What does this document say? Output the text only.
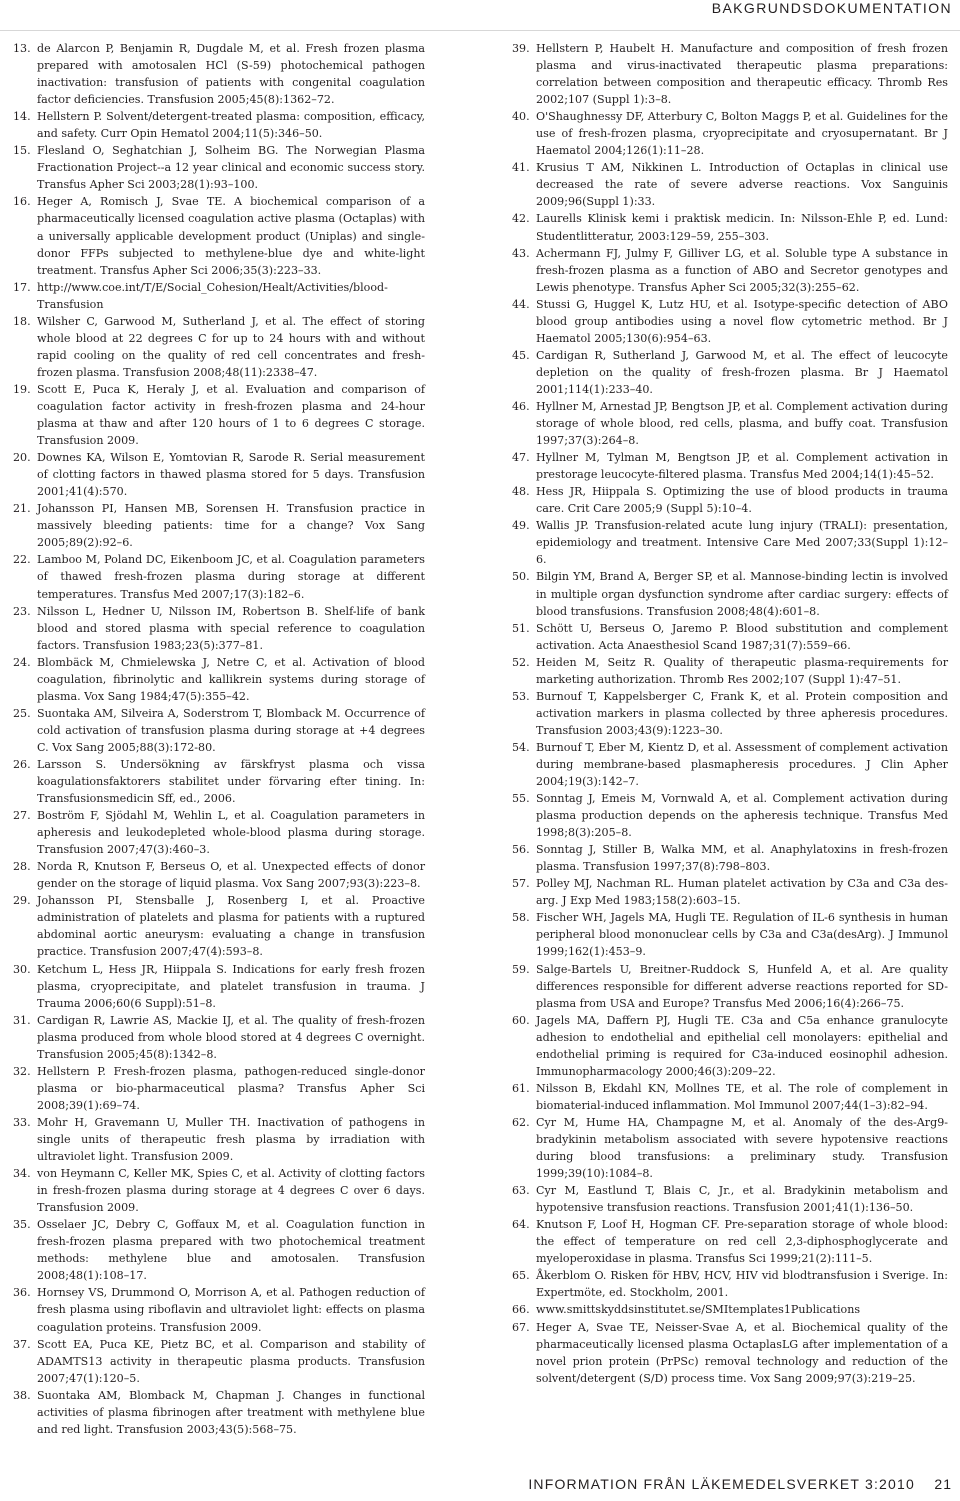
BAKGRUNDSDOKUMENTATION

13. de Alarcon P, Benjamin R, Dugdale M, et al. Fresh frozen plasma prepared with amotosalen HCl (S-59) photochemical pathogen inactivation: transfusion of patients with congenital coagulation factor deficiencies. Transfusion 2005;45(8):1362–72.

14. Hellstern P. Solvent/detergent-treated plasma: composition, efficacy, and safety. Curr Opin Hematol 2004;11(5):346–50.

15. Flesland O, Seghatchian J, Solheim BG. The Norwegian Plasma Fractionation Project--a 12 year clinical and economic success story. Transfus Apher Sci 2003;28(1):93–100.

16. Heger A, Romisch J, Svae TE. A biochemical comparison of a pharmaceutically licensed coagulation active plasma (Octaplas) with a universally applicable development product (Uniplas) and single-donor FFPs subjected to methylene-blue dye and white-light treatment. Transfus Apher Sci 2006;35(3):223–33.

17. http://www.coe.int/T/E/Social_Cohesion/Healt/Activities/blood-Transfusion

18. Wilsher C, Garwood M, Sutherland J, et al. The effect of storing whole blood at 22 degrees C for up to 24 hours with and without rapid cooling on the quality of red cell concentrates and fresh-frozen plasma. Transfusion 2008;48(11):2338–47.

19. Scott E, Puca K, Heraly J, et al. Evaluation and comparison of coagulation factor activity in fresh-frozen plasma and 24-hour plasma at thaw and after 120 hours of 1 to 6 degrees C storage. Transfusion 2009.

20. Downes KA, Wilson E, Yomtovian R, Sarode R. Serial measurement of clotting factors in thawed plasma stored for 5 days. Transfusion 2001;41(4):570.

21. Johansson PI, Hansen MB, Sorensen H. Transfusion practice in massively bleeding patients: time for a change? Vox Sang 2005;89(2):92–6.

22. Lamboo M, Poland DC, Eikenboom JC, et al. Coagulation parameters of thawed fresh-frozen plasma during storage at different temperatures. Transfus Med 2007;17(3):182–6.

23. Nilsson L, Hedner U, Nilsson IM, Robertson B. Shelf-life of bank blood and stored plasma with special reference to coagulation factors. Transfusion 1983;23(5):377–81.

24. Blombäck M, Chmielewska J, Netre C, et al. Activation of blood coagulation, fibrinolytic and kallikrein systems during storage of plasma. Vox Sang 1984;47(5):355–42.

25. Suontaka AM, Silveira A, Soderstrom T, Blomback M. Occurrence of cold activation of transfusion plasma during storage at +4 degrees C. Vox Sang 2005;88(3):172-80.

26. Larsson S. Undersökning av färskfryst plasma och vissa koagulationsfaktorers stabilitet under förvaring efter tining. In: Transfusionsmedicin Sff, ed., 2006.

27. Boström F, Sjödahl M, Wehlin L, et al. Coagulation parameters in apheresis and leukodepleted whole-blood plasma during storage. Transfusion 2007;47(3):460–3.

28. Norda R, Knutson F, Berseus O, et al. Unexpected effects of donor gender on the storage of liquid plasma. Vox Sang 2007;93(3):223–8.

29. Johansson PI, Stensballe J, Rosenberg I, et al. Proactive administration of platelets and plasma for patients with a ruptured abdominal aortic aneurysm: evaluating a change in transfusion practice. Transfusion 2007;47(4):593–8.

30. Ketchum L, Hess JR, Hiippala S. Indications for early fresh frozen plasma, cryoprecipitate, and platelet transfusion in trauma. J Trauma 2006;60(6 Suppl):51–8.

31. Cardigan R, Lawrie AS, Mackie IJ, et al. The quality of fresh-frozen plasma produced from whole blood stored at 4 degrees C overnight. Transfusion 2005;45(8):1342–8.

32. Hellstern P. Fresh-frozen plasma, pathogen-reduced single-donor plasma or bio-pharmaceutical plasma? Transfus Apher Sci 2008;39(1):69–74.

33. Mohr H, Gravemann U, Muller TH. Inactivation of pathogens in single units of therapeutic fresh plasma by irradiation with ultraviolet light. Transfusion 2009.

34. von Heymann C, Keller MK, Spies C, et al. Activity of clotting factors in fresh-frozen plasma during storage at 4 degrees C over 6 days. Transfusion 2009.

35. Osselaer JC, Debry C, Goffaux M, et al. Coagulation function in fresh-frozen plasma prepared with two photochemical treatment methods: methylene blue and amotosalen. Transfusion 2008;48(1):108–17.

36. Hornsey VS, Drummond O, Morrison A, et al. Pathogen reduction of fresh plasma using riboflavin and ultraviolet light: effects on plasma coagulation proteins. Transfusion 2009.

37. Scott EA, Puca KE, Pietz BC, et al. Comparison and stability of ADAMTS13 activity in therapeutic plasma products. Transfusion 2007;47(1):120–5.

38. Suontaka AM, Blomback M, Chapman J. Changes in functional activities of plasma fibrinogen after treatment with methylene blue and red light. Transfusion 2003;43(5):568–75.

39. Hellstern P, Haubelt H. Manufacture and composition of fresh frozen plasma and virus-inactivated therapeutic plasma preparations: correlation between composition and therapeutic efficacy. Thromb Res 2002;107 (Suppl 1):3–8.

40. O'Shaughnessy DF, Atterbury C, Bolton Maggs P, et al. Guidelines for the use of fresh-frozen plasma, cryoprecipitate and cryosupernatant. Br J Haematol 2004;126(1):11–28.

41. Krusius T AM, Nikkinen L. Introduction of Octaplas in clinical use decreased the rate of severe adverse reactions. Vox Sanguinis 2009;96(Suppl 1):33.

42. Laurells Klinisk kemi i praktisk medicin. In: Nilsson-Ehle P, ed. Lund: Studentlitteratur, 2003:129–59, 255–303.

43. Achermann FJ, Julmy F, Gilliver LG, et al. Soluble type A substance in fresh-frozen plasma as a function of ABO and Secretor genotypes and Lewis phenotype. Transfus Apher Sci 2005;32(3):255–62.

44. Stussi G, Huggel K, Lutz HU, et al. Isotype-specific detection of ABO blood group antibodies using a novel flow cytometric method. Br J Haematol 2005;130(6):954–63.

45. Cardigan R, Sutherland J, Garwood M, et al. The effect of leucocyte depletion on the quality of fresh-frozen plasma. Br J Haematol 2001;114(1):233–40.

46. Hyllner M, Arnestad JP, Bengtson JP, et al. Complement activation during storage of whole blood, red cells, plasma, and buffy coat. Transfusion 1997;37(3):264–8.

47. Hyllner M, Tylman M, Bengtson JP, et al. Complement activation in prestorage leucocyte-filtered plasma. Transfus Med 2004;14(1):45–52.

48. Hess JR, Hiippala S. Optimizing the use of blood products in trauma care. Crit Care 2005;9 (Suppl 5):10–4.

49. Wallis JP. Transfusion-related acute lung injury (TRALI): presentation, epidemiology and treatment. Intensive Care Med 2007;33(Suppl 1):12–6.

50. Bilgin YM, Brand A, Berger SP, et al. Mannose-binding lectin is involved in multiple organ dysfunction syndrome after cardiac surgery: effects of blood transfusions. Transfusion 2008;48(4):601–8.

51. Schött U, Berseus O, Jaremo P. Blood substitution and complement activation. Acta Anaesthesiol Scand 1987;31(7):559–66.

52. Heiden M, Seitz R. Quality of therapeutic plasma-requirements for marketing authorization. Thromb Res 2002;107 (Suppl 1):47–51.

53. Burnouf T, Kappelsberger C, Frank K, et al. Protein composition and activation markers in plasma collected by three apheresis procedures. Transfusion 2003;43(9):1223–30.

54. Burnouf T, Eber M, Kientz D, et al. Assessment of complement activation during membrane-based plasmapheresis procedures. J Clin Apher 2004;19(3):142–7.

55. Sonntag J, Emeis M, Vornwald A, et al. Complement activation during plasma production depends on the apheresis technique. Transfus Med 1998;8(3):205–8.

56. Sonntag J, Stiller B, Walka MM, et al. Anaphylatoxins in fresh-frozen plasma. Transfusion 1997;37(8):798–803.

57. Polley MJ, Nachman RL. Human platelet activation by C3a and C3a des-arg. J Exp Med 1983;158(2):603–15.

58. Fischer WH, Jagels MA, Hugli TE. Regulation of IL-6 synthesis in human peripheral blood mononuclear cells by C3a and C3a(desArg). J Immunol 1999;162(1):453–9.

59. Salge-Bartels U, Breitner-Ruddock S, Hunfeld A, et al. Are quality differences responsible for different adverse reactions reported for SD-plasma from USA and Europe? Transfus Med 2006;16(4):266–75.

60. Jagels MA, Daffern PJ, Hugli TE. C3a and C5a enhance granulocyte adhesion to endothelial and epithelial cell monolayers: epithelial and endothelial priming is required for C3a-induced eosinophil adhesion. Immunopharmacology 2000;46(3):209–22.

61. Nilsson B, Ekdahl KN, Mollnes TE, et al. The role of complement in biomaterial-induced inflammation. Mol Immunol 2007;44(1–3):82–94.

62. Cyr M, Hume HA, Champagne M, et al. Anomaly of the des-Arg9-bradykinin metabolism associated with severe hypotensive reactions during blood transfusions: a preliminary study. Transfusion 1999;39(10):1084–8.

63. Cyr M, Eastlund T, Blais C, Jr., et al. Bradykinin metabolism and hypotensive transfusion reactions. Transfusion 2001;41(1):136–50.

64. Knutson F, Loof H, Hogman CF. Pre-separation storage of whole blood: the effect of temperature on red cell 2,3-diphosphoglycerate and myeloperoxidase in plasma. Transfus Sci 1999;21(2):111–5.

65. Åkerblom O. Risken för HBV, HCV, HIV vid blodtransfusion i Sverige. In: Expertmöte, ed. Stockholm, 2001.

66. www.smittskyddsinstitutet.se/SMItemplates1Publications

67. Heger A, Svae TE, Neisser-Svae A, et al. Biochemical quality of the pharmaceutically licensed plasma OctaplasLG after implementation of a novel prion protein (PrPSc) removal technology and reduction of the solvent/detergent (S/D) process time. Vox Sang 2009;97(3):219–25.

INFORMATION FRÅN LÄKEMEDELSVERKET 3:2010 21
